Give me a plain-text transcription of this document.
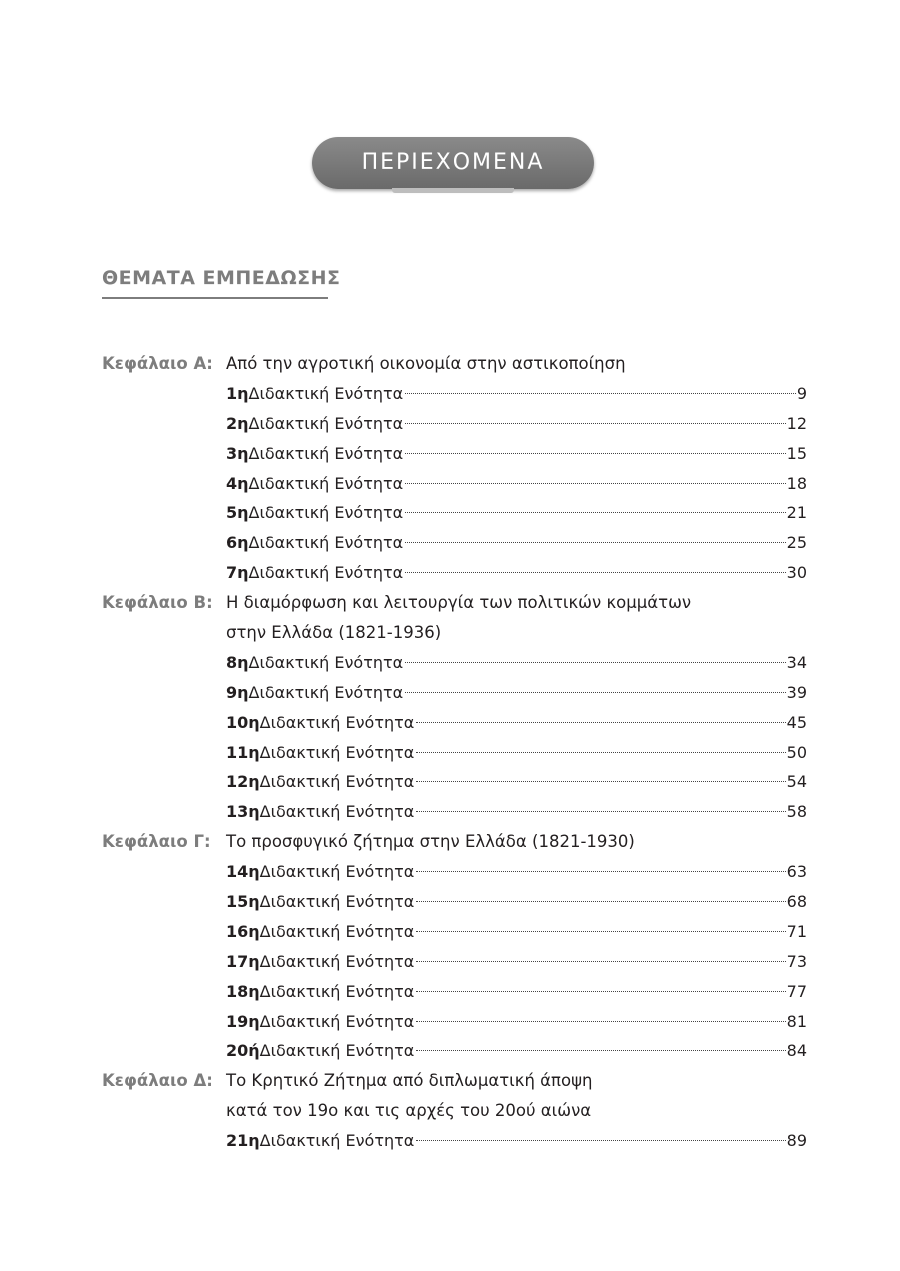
ΠΕΡΙΕΧΟΜΕΝΑ
ΘΕΜΑΤΑ ΕΜΠΕΔΩΣΗΣ
Κεφάλαιο Α: Από την αγροτική οικονομία στην αστικοποίηση
1η Διδακτική Ενότητα	9
2η Διδακτική Ενότητα	12
3η Διδακτική Ενότητα	15
4η Διδακτική Ενότητα	18
5η Διδακτική Ενότητα	21
6η Διδακτική Ενότητα	25
7η Διδακτική Ενότητα	30
Κεφάλαιο Β: Η διαμόρφωση και λειτουργία των πολιτικών κομμάτων
στην Ελλάδα (1821-1936)
8η Διδακτική Ενότητα	34
9η Διδακτική Ενότητα	39
10η Διδακτική Ενότητα	45
11η Διδακτική Ενότητα	50
12η Διδακτική Ενότητα	54
13η Διδακτική Ενότητα	58
Κεφάλαιο Γ: Το προσφυγικό ζήτημα στην Ελλάδα (1821-1930)
14η Διδακτική Ενότητα	63
15η Διδακτική Ενότητα	68
16η Διδακτική Ενότητα	71
17η Διδακτική Ενότητα	73
18η Διδακτική Ενότητα	77
19η Διδακτική Ενότητα	81
20ή Διδακτική Ενότητα	84
Κεφάλαιο Δ: Το Κρητικό Ζήτημα από διπλωματική άποψη
κατά τον 19ο και τις αρχές του 20ού αιώνα
21η Διδακτική Ενότητα	89
